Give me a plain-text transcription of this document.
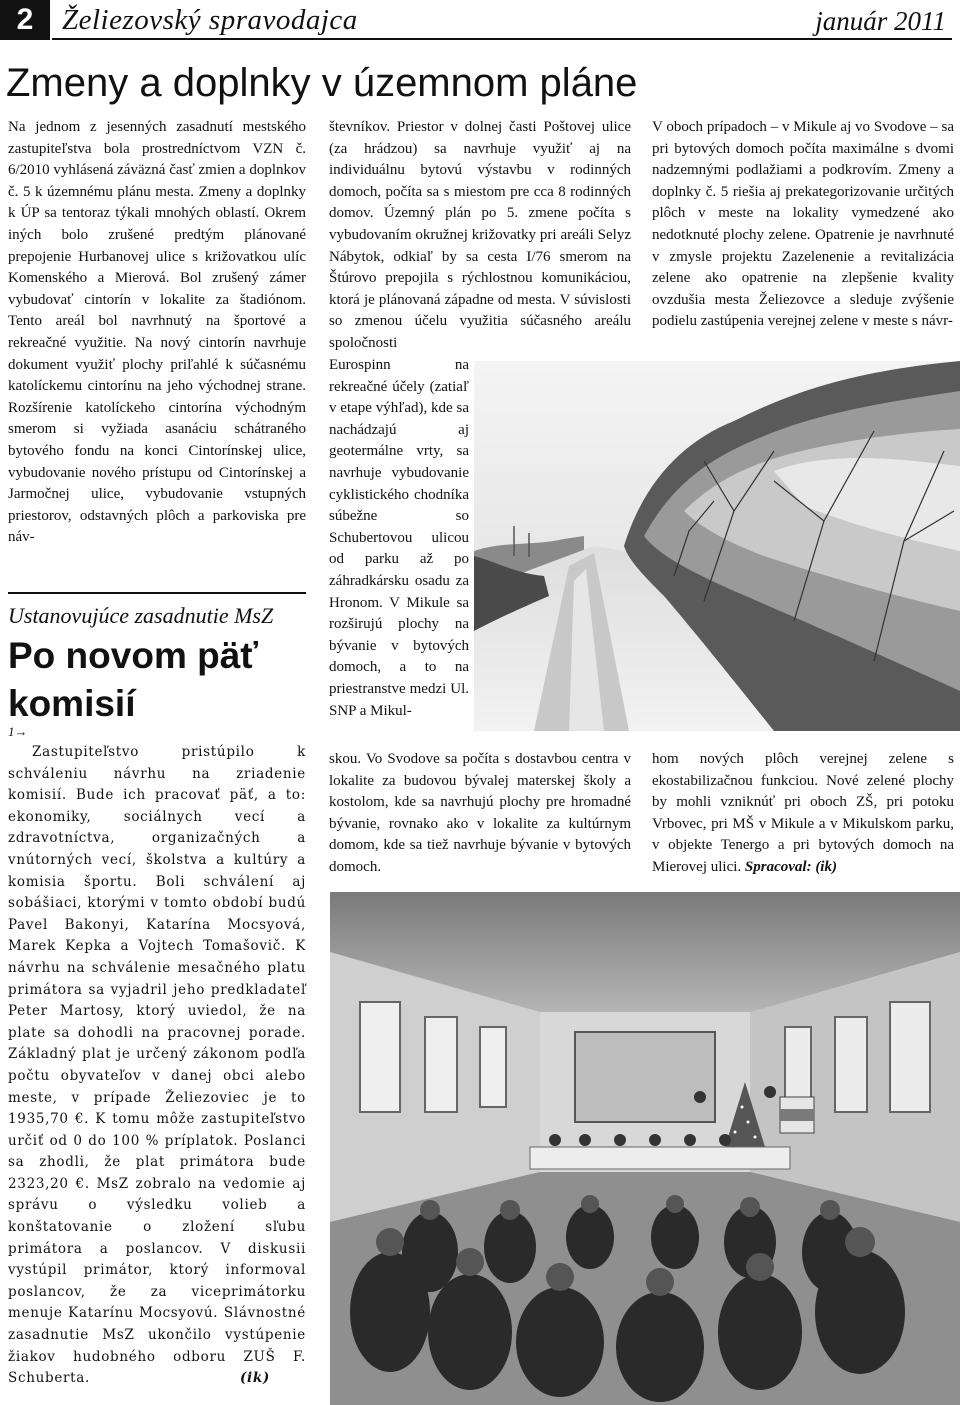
2 Želiezovský spravodajca	január 2011
Zmeny a doplnky v územnom pláne

Na jednom z jesenných zasadnutí mestského zastupiteľstva bola prostredníctvom VZN č. 6/2010 vyhlásená záväzná časť zmien a doplnkov č. 5 k územnému plánu mesta. Zmeny a doplnky k ÚP sa tentoraz týkali mnohých oblastí. Okrem iných bolo zrušené predtým plánované prepojenie Hurbanovej ulice s križovatkou ulíc Komenského a Mierová. Bol zrušený zámer vybudovať cintorín v lokalite za štadiónom. Tento areál bol navrhnutý na športové a rekreačné využitie. Na nový cintorín navrhuje dokument využiť plochy priľahlé k súčasnému katolíckemu cintorínu na jeho východnej strane. Rozšírenie katolíckeho cintorína východným smerom si vyžiada asanáciu schátraného bytového fondu na konci Cintorínskej ulice, vybudovanie nového prístupu od Cintorínskej a Jarmočnej ulice, vybudovanie vstupných priestorov, odstavných plôch a parkoviska pre náv-

števníkov. Priestor v dolnej časti Poštovej ulice (za hrádzou) sa navrhuje využiť aj na individuálnu bytovú výstavbu v rodinných domoch, počíta sa s miestom pre cca 8 rodinných domov. Územný plán po 5. zmene počíta s vybudovaním okružnej križovatky pri areáli Selyz Nábytok, odkiaľ by sa cesta I/76 smerom na Štúrovo prepojila s rýchlostnou komunikáciou, ktorá je plánovaná západne od mesta. V súvislosti so zmenou účelu využitia súčasného areálu spoločnosti

Eurospinn na rekreačné účely (zatiaľ v etape výhľad), kde sa nachádzajú aj geotermálne vrty, sa navrhuje vybudovanie cyklistického chodníka súbežne so Schubertovou ulicou od parku až po záhradkársku osadu za Hronom. V Mikule sa rozširujú plochy na bývanie v bytových domoch, a to na priestranstve medzi Ul. SNP a Mikul-

skou. Vo Svodove sa počíta s dostavbou centra v lokalite za budovou bývalej materskej školy a kostolom, kde sa navrhujú plochy pre hromadné bývanie, rovnako ako v lokalite za kultúrnym domom, kde sa tiež navrhuje bývanie v bytových domoch.

V oboch prípadoch – v Mikule aj vo Svodove – sa pri bytových domoch počíta maximálne s dvomi nadzemnými podlažiami a podkrovím. Zmeny a doplnky č. 5 riešia aj prekategorizovanie určitých plôch v meste na lokality vymedzené ako nedotknuté plochy zelene. Opatrenie je navrhnuté v zmysle projektu Zazelenenie a revitalizácia zelene ako opatrenie na zlepšenie kvality ovzdušia mesta Želiezovce a sleduje zvýšenie podielu zastúpenia verejnej zelene v meste s návr-

hom nových plôch verejnej zelene s ekostabilizačnou funkciou. Nové zelené plochy by mohli vzniknúť pri oboch ZŠ, pri potoku Vrbovec, pri MŠ v Mikule a v Mikulskom parku, v objekte Tenergo a pri bytových domoch na Mierovej ulici. Spracoval: (ik)

Ustanovujúce zasadnutie MsZ
Po novom päť komisií
1→

Zastupiteľstvo pristúpilo k schváleniu návrhu na zriadenie komisií. Bude ich pracovať päť, a to: ekonomiky, sociálnych vecí a zdravotníctva, organizačných a vnútorných vecí, školstva a kultúry a komisia športu. Boli schválení aj sobášiaci, ktorými v tomto období budú Pavel Bakonyi, Katarína Mocsyová, Marek Kepka a Vojtech Tomašovič. K návrhu na schválenie mesačného platu primátora sa vyjadril jeho predkladateľ Peter Martosy, ktorý uviedol, že na plate sa dohodli na pracovnej porade. Základný plat je určený zákonom podľa počtu obyvateľov v danej obci alebo meste, v prípade Želiezoviec je to 1935,70 €. K tomu môže zastupiteľstvo určiť od 0 do 100 % príplatok. Poslanci sa zhodli, že plat primátora bude 2323,20 €. MsZ zobralo na vedomie aj správu o výsledku volieb a konštatovanie o zložení sľubu primátora a poslancov. V diskusii vystúpil primátor, ktorý informoval poslancov, že za viceprimátorku menuje Katarínu Mocsyovú. Slávnostné zasadnutie MsZ ukončilo vystúpenie žiakov hudobného odboru ZUŠ F. Schuberta.	(ik)
